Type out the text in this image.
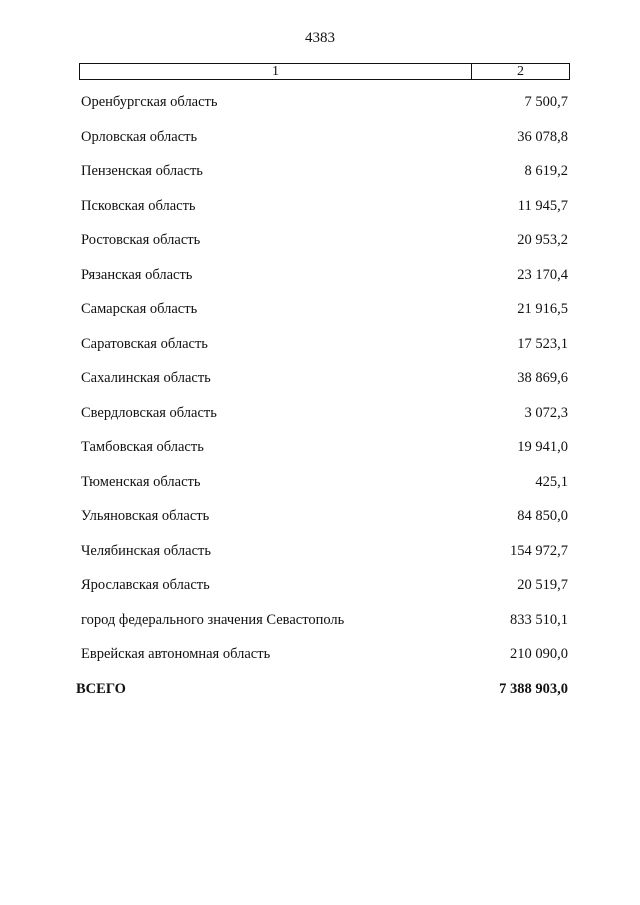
4383
1	2
Оренбургская область	7 500,7
Орловская область	36 078,8
Пензенская область	8 619,2
Псковская область	11 945,7
Ростовская область	20 953,2
Рязанская область	23 170,4
Самарская область	21 916,5
Саратовская область	17 523,1
Сахалинская область	38 869,6
Свердловская область	3 072,3
Тамбовская область	19 941,0
Тюменская область	425,1
Ульяновская область	84 850,0
Челябинская область	154 972,7
Ярославская область	20 519,7
город федерального значения Севастополь	833 510,1
Еврейская автономная область	210 090,0
ВСЕГО	7 388 903,0
